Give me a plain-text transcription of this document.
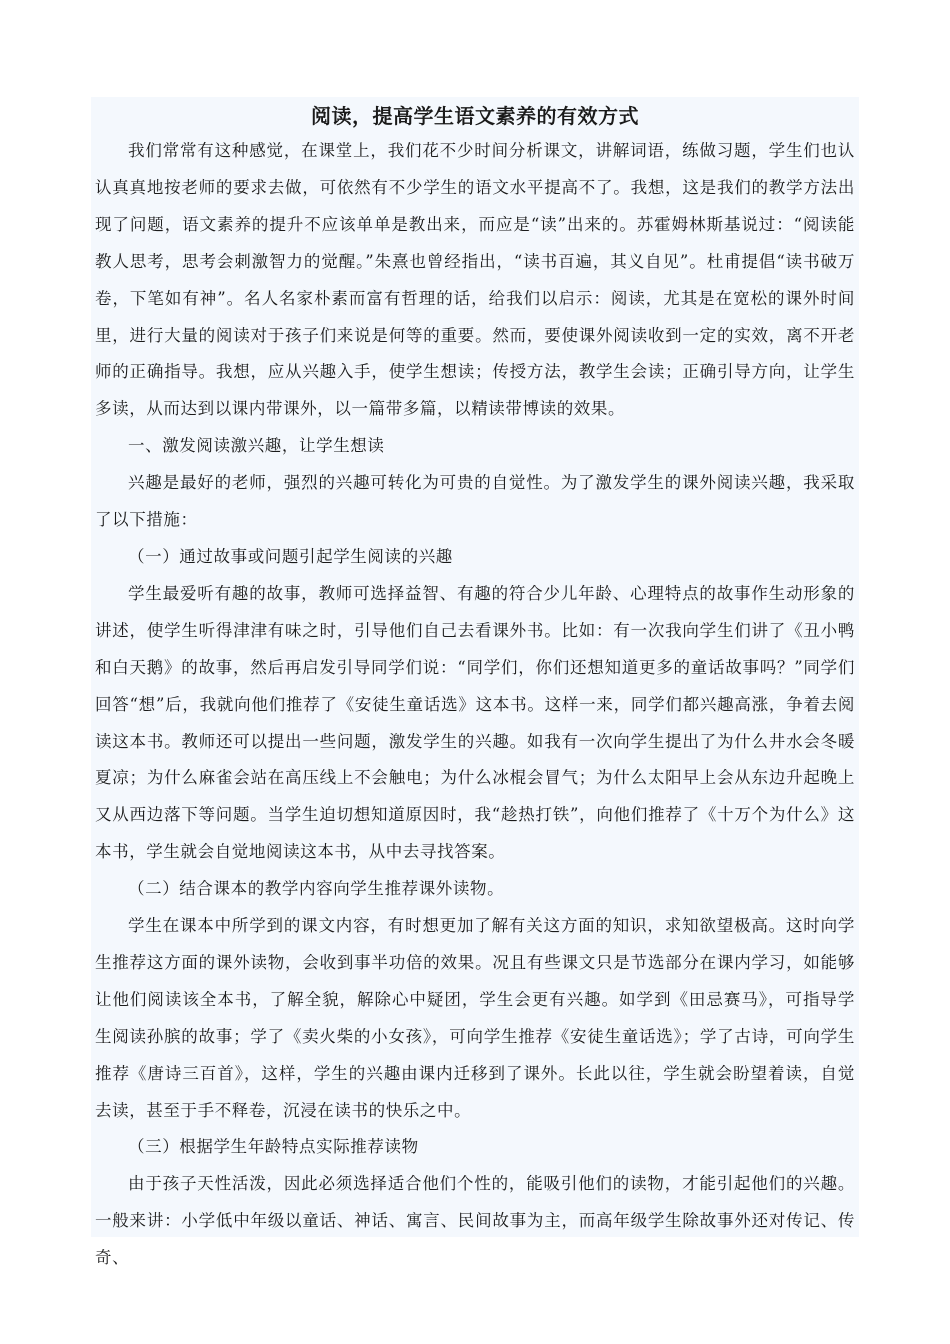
阅读，提高学生语文素养的有效方式

我们常常有这种感觉，在课堂上，我们花不少时间分析课文，讲解词语，练做习题，学生们也认认真真地按老师的要求去做，可依然有不少学生的语文水平提高不了。我想，这是我们的教学方法出现了问题，语文素养的提升不应该单单是教出来，而应是“读”出来的。苏霍姆林斯基说过：“阅读能教人思考，思考会刺激智力的觉醒。”朱熹也曾经指出，“读书百遍，其义自见”。杜甫提倡“读书破万卷，下笔如有神”。名人名家朴素而富有哲理的话，给我们以启示：阅读，尤其是在宽松的课外时间里，进行大量的阅读对于孩子们来说是何等的重要。然而，要使课外阅读收到一定的实效，离不开老师的正确指导。我想，应从兴趣入手，使学生想读；传授方法，教学生会读；正确引导方向，让学生多读，从而达到以课内带课外，以一篇带多篇，以精读带博读的效果。

一、激发阅读激兴趣，让学生想读

兴趣是最好的老师，强烈的兴趣可转化为可贵的自觉性。为了激发学生的课外阅读兴趣，我采取了以下措施：

（一）通过故事或问题引起学生阅读的兴趣

学生最爱听有趣的故事，教师可选择益智、有趣的符合少儿年龄、心理特点的故事作生动形象的讲述，使学生听得津津有味之时，引导他们自己去看课外书。比如：有一次我向学生们讲了《丑小鸭和白天鹅》的故事，然后再启发引导同学们说：“同学们，你们还想知道更多的童话故事吗？”同学们回答“想”后，我就向他们推荐了《安徒生童话选》这本书。这样一来，同学们都兴趣高涨，争着去阅读这本书。教师还可以提出一些问题，激发学生的兴趣。如我有一次向学生提出了为什么井水会冬暖夏凉；为什么麻雀会站在高压线上不会触电；为什么冰棍会冒气；为什么太阳早上会从东边升起晚上又从西边落下等问题。当学生迫切想知道原因时，我“趁热打铁”，向他们推荐了《十万个为什么》这本书，学生就会自觉地阅读这本书，从中去寻找答案。

（二）结合课本的教学内容向学生推荐课外读物。

学生在课本中所学到的课文内容，有时想更加了解有关这方面的知识，求知欲望极高。这时向学生推荐这方面的课外读物，会收到事半功倍的效果。况且有些课文只是节选部分在课内学习，如能够让他们阅读该全本书，了解全貌，解除心中疑团，学生会更有兴趣。如学到《田忌赛马》，可指导学生阅读孙膑的故事；学了《卖火柴的小女孩》，可向学生推荐《安徒生童话选》；学了古诗，可向学生推荐《唐诗三百首》，这样，学生的兴趣由课内迁移到了课外。长此以往，学生就会盼望着读，自觉去读，甚至于手不释卷，沉浸在读书的快乐之中。

（三）根据学生年龄特点实际推荐读物

由于孩子天性活泼，因此必须选择适合他们个性的，能吸引他们的读物，才能引起他们的兴趣。一般来讲：小学低中年级以童话、神话、寓言、民间故事为主，而高年级学生除故事外还对传记、传奇、
